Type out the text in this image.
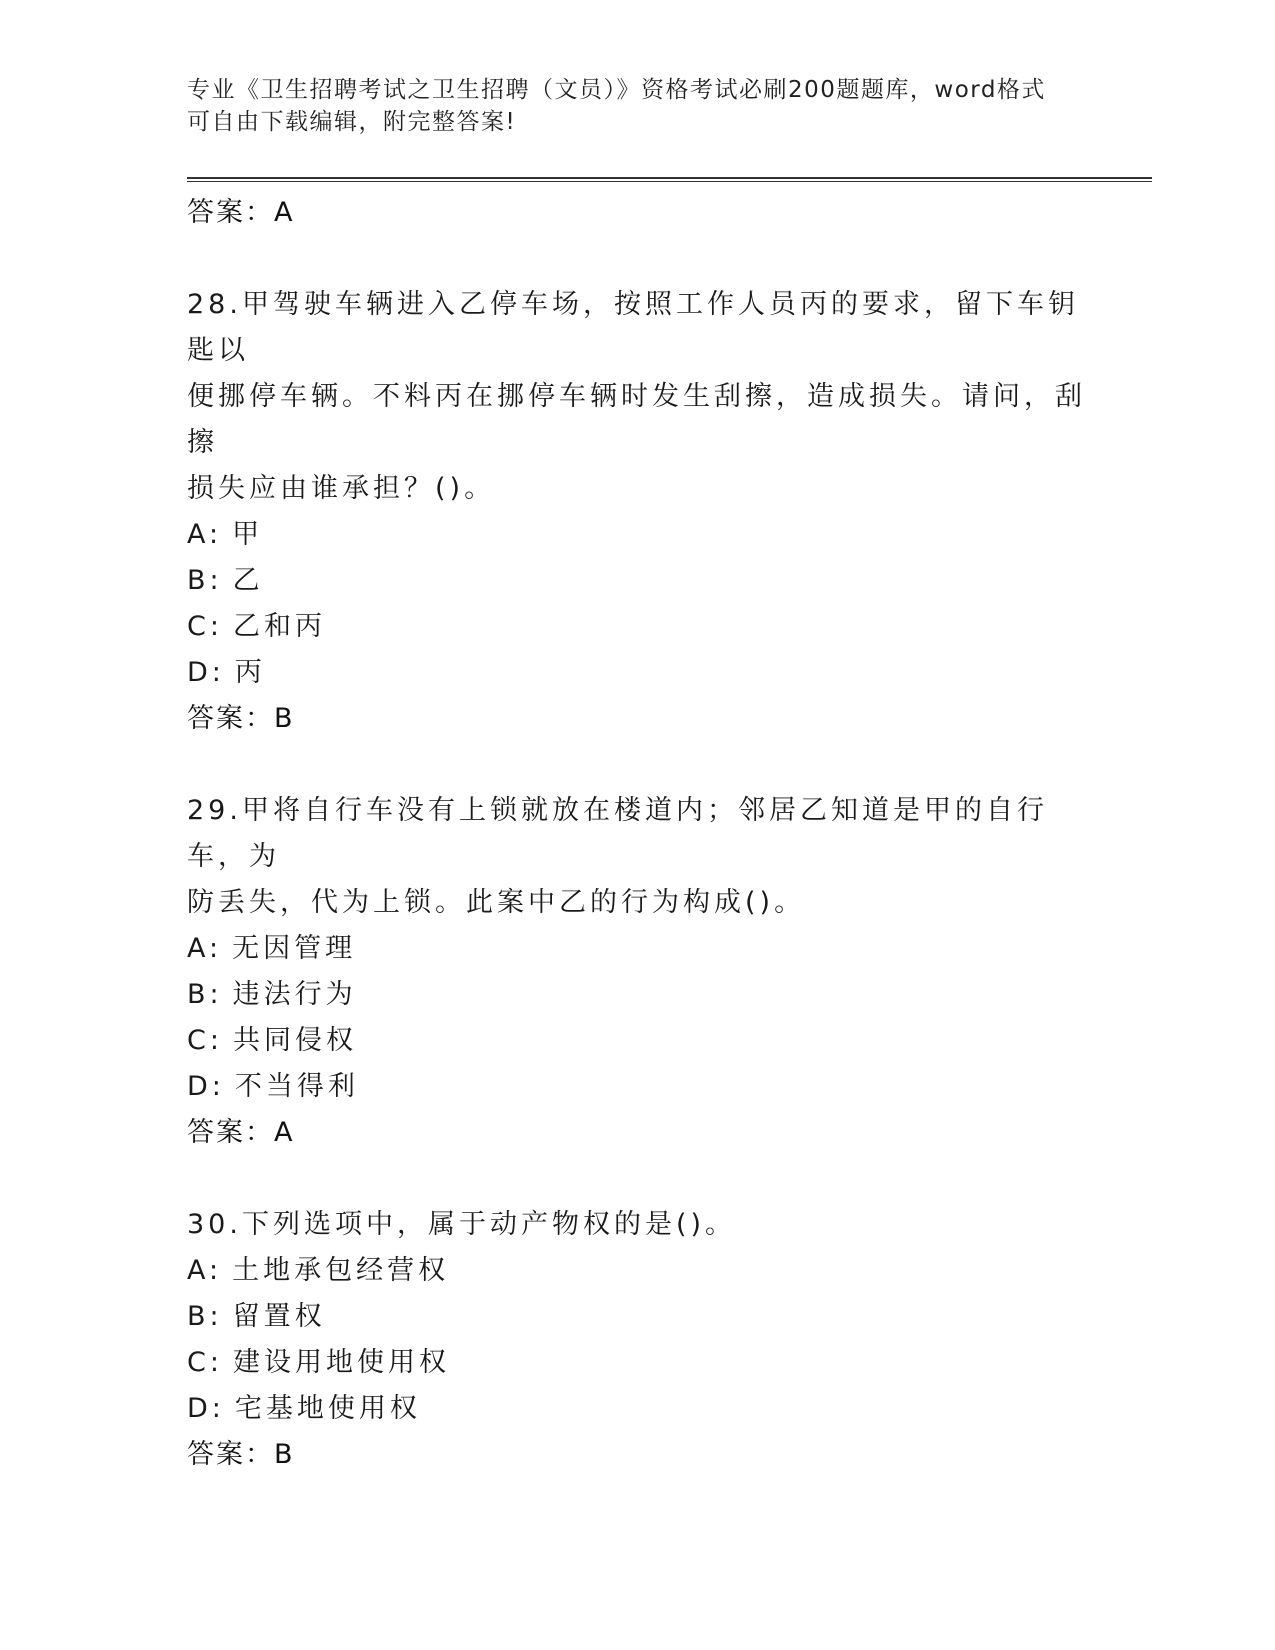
专业《卫生招聘考试之卫生招聘（文员）》资格考试必刷200题题库，word格式
可自由下载编辑，附完整答案!
答案：A
28.甲驾驶车辆进入乙停车场，按照工作人员丙的要求，留下车钥匙以
便挪停车辆。不料丙在挪停车辆时发生刮擦，造成损失。请问，刮擦
损失应由谁承担？()。
A: 甲
B: 乙
C: 乙和丙
D: 丙
答案：B
29.甲将自行车没有上锁就放在楼道内；邻居乙知道是甲的自行车，为
防丢失，代为上锁。此案中乙的行为构成()。
A: 无因管理
B: 违法行为
C: 共同侵权
D: 不当得利
答案：A
30.下列选项中，属于动产物权的是()。
A: 土地承包经营权
B: 留置权
C: 建设用地使用权
D: 宅基地使用权
答案：B
